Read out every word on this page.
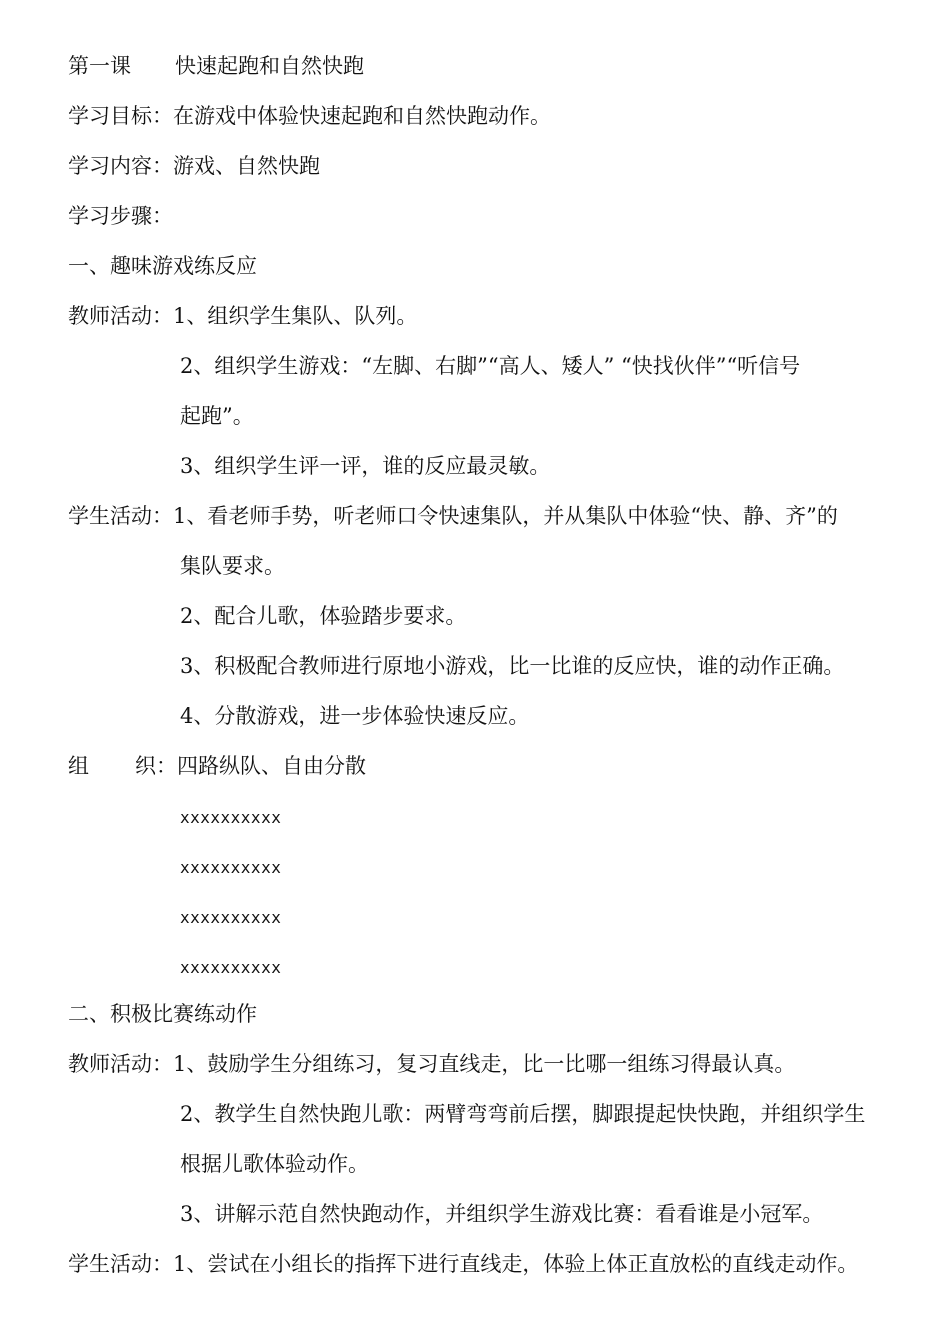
第一课 快速起跑和自然快跑
学习目标：在游戏中体验快速起跑和自然快跑动作。
学习内容：游戏、自然快跑
学习步骤：
一、趣味游戏练反应
教师活动：1、组织学生集队、队列。
2、组织学生游戏：“左脚、右脚”“高人、矮人” “快找伙伴”“听信号
起跑”。
3、组织学生评一评，谁的反应最灵敏。
学生活动：1、看老师手势，听老师口令快速集队，并从集队中体验“快、静、齐”的
集队要求。
2、配合儿歌，体验踏步要求。
3、积极配合教师进行原地小游戏，比一比谁的反应快，谁的动作正确。
4、分散游戏，进一步体验快速反应。
组 织：四路纵队、自由分散
xxxxxxxxxx
xxxxxxxxxx
xxxxxxxxxx
xxxxxxxxxx
二、积极比赛练动作
教师活动：1、鼓励学生分组练习，复习直线走，比一比哪一组练习得最认真。
2、教学生自然快跑儿歌：两臂弯弯前后摆，脚跟提起快快跑，并组织学生
根据儿歌体验动作。
3、讲解示范自然快跑动作，并组织学生游戏比赛：看看谁是小冠军。
学生活动：1、尝试在小组长的指挥下进行直线走，体验上体正直放松的直线走动作。
